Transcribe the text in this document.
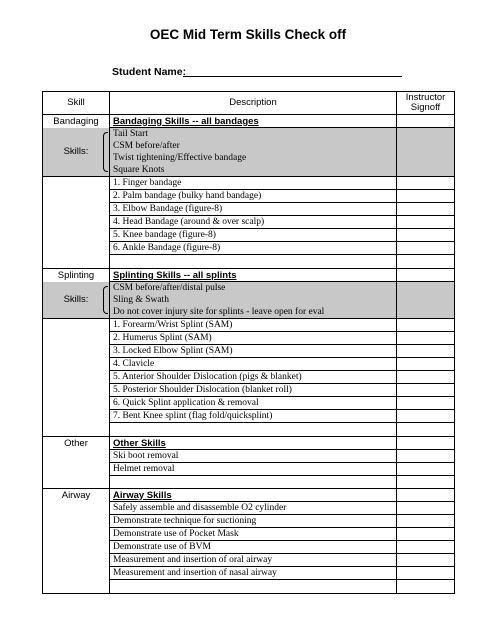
OEC Mid Term Skills Check off
Student Name:
Skill	Description	Instructor Signoff
Bandaging	Bandaging Skills -- all bandages	
Skills:	Tail Start	
	CSM before/after	
	Twist tightening/Effective bandage	
	Square Knots	
	1. Finger bandage	
	2. Palm bandage (bulky hand bandage)	
	3. Elbow Bandage (figure-8)	
	4. Head Bandage (around & over scalp)	
	5. Knee bandage (figure-8)	
	6. Ankle Bandage (figure-8)	

Splinting	Splinting Skills -- all splints	
Skills:	CSM before/after/distal pulse	
	Sling & Swath	
	Do not cover injury site for splints - leave open for eval	
	1. Forearm/Wrist Splint (SAM)	
	2. Humerus Splint (SAM)	
	3. Locked Elbow Splint (SAM)	
	4. Clavicle	
	5. Anterior Shoulder Dislocation (pigs & blanket)	
	5. Posterior Shoulder Dislocation (blanket roll)	
	6. Quick Splint application & removal	
	7. Bent Knee splint (flag fold/quicksplint)	

Other	Other Skills	
	Ski boot removal	
	Helmet removal	

Airway	Airway Skills	
	Safely assemble and disassemble O2 cylinder	
	Demonstrate technique for suctioning	
	Demonstrate use of Pocket Mask	
	Demonstrate use of BVM	
	Measurement and insertion of oral airway	
	Measurement and insertion of nasal airway	
